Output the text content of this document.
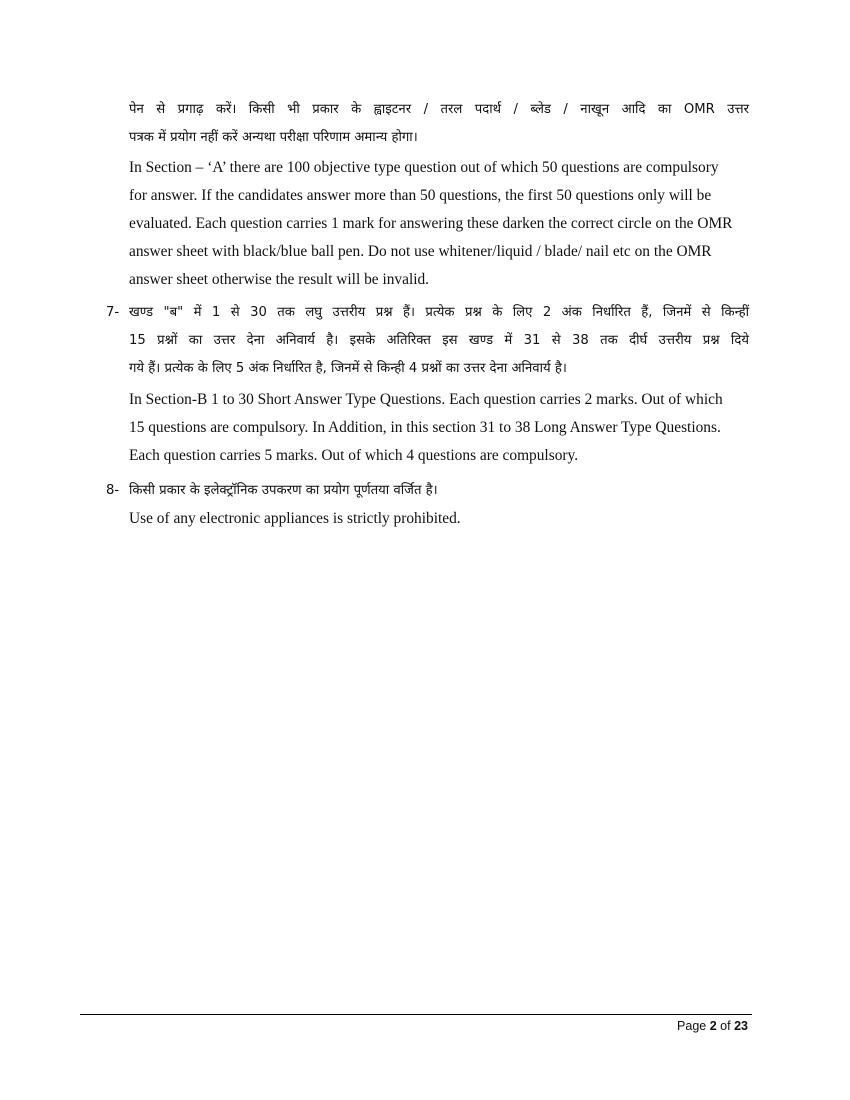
पेन से प्रगाढ़ करें। किसी भी प्रकार के ह्वाइटनर / तरल पदार्थ / ब्लेड / नाखून आदि का OMR उत्तर

पत्रक में प्रयोग नहीं करें अन्यथा परीक्षा परिणाम अमान्य होगा।

In Section – ‘A’ there are 100 objective type question out of which 50 questions are compulsory

for answer. If the candidates answer more than 50 questions, the first 50 questions only will be

evaluated. Each question carries 1 mark for answering these darken the correct circle on the OMR

answer sheet with black/blue ball pen. Do not use whitener/liquid / blade/ nail etc on the OMR

answer sheet otherwise the result will be invalid.

7- खण्ड "ब" में 1 से 30 तक लघु उत्तरीय प्रश्न हैं। प्रत्येक प्रश्न के लिए 2 अंक निर्धारित हैं, जिनमें से किन्हीं

15 प्रश्नों का उत्तर देना अनिवार्य है। इसके अतिरिक्त इस खण्ड में 31 से 38 तक दीर्घ उत्तरीय प्रश्न दिये

गये हैं। प्रत्येक के लिए 5 अंक निर्धारित है, जिनमें से किन्ही 4 प्रश्नों का उत्तर देना अनिवार्य है।

In Section-B 1 to 30 Short Answer Type Questions. Each question carries 2 marks. Out of which

15 questions are compulsory. In Addition, in this section 31 to 38 Long Answer Type Questions.

Each question carries 5 marks. Out of which 4 questions are compulsory.

8- किसी प्रकार के इलेक्ट्रॉनिक उपकरण का प्रयोग पूर्णतया वर्जित है।

Use of any electronic appliances is strictly prohibited.

Page 2 of 23
